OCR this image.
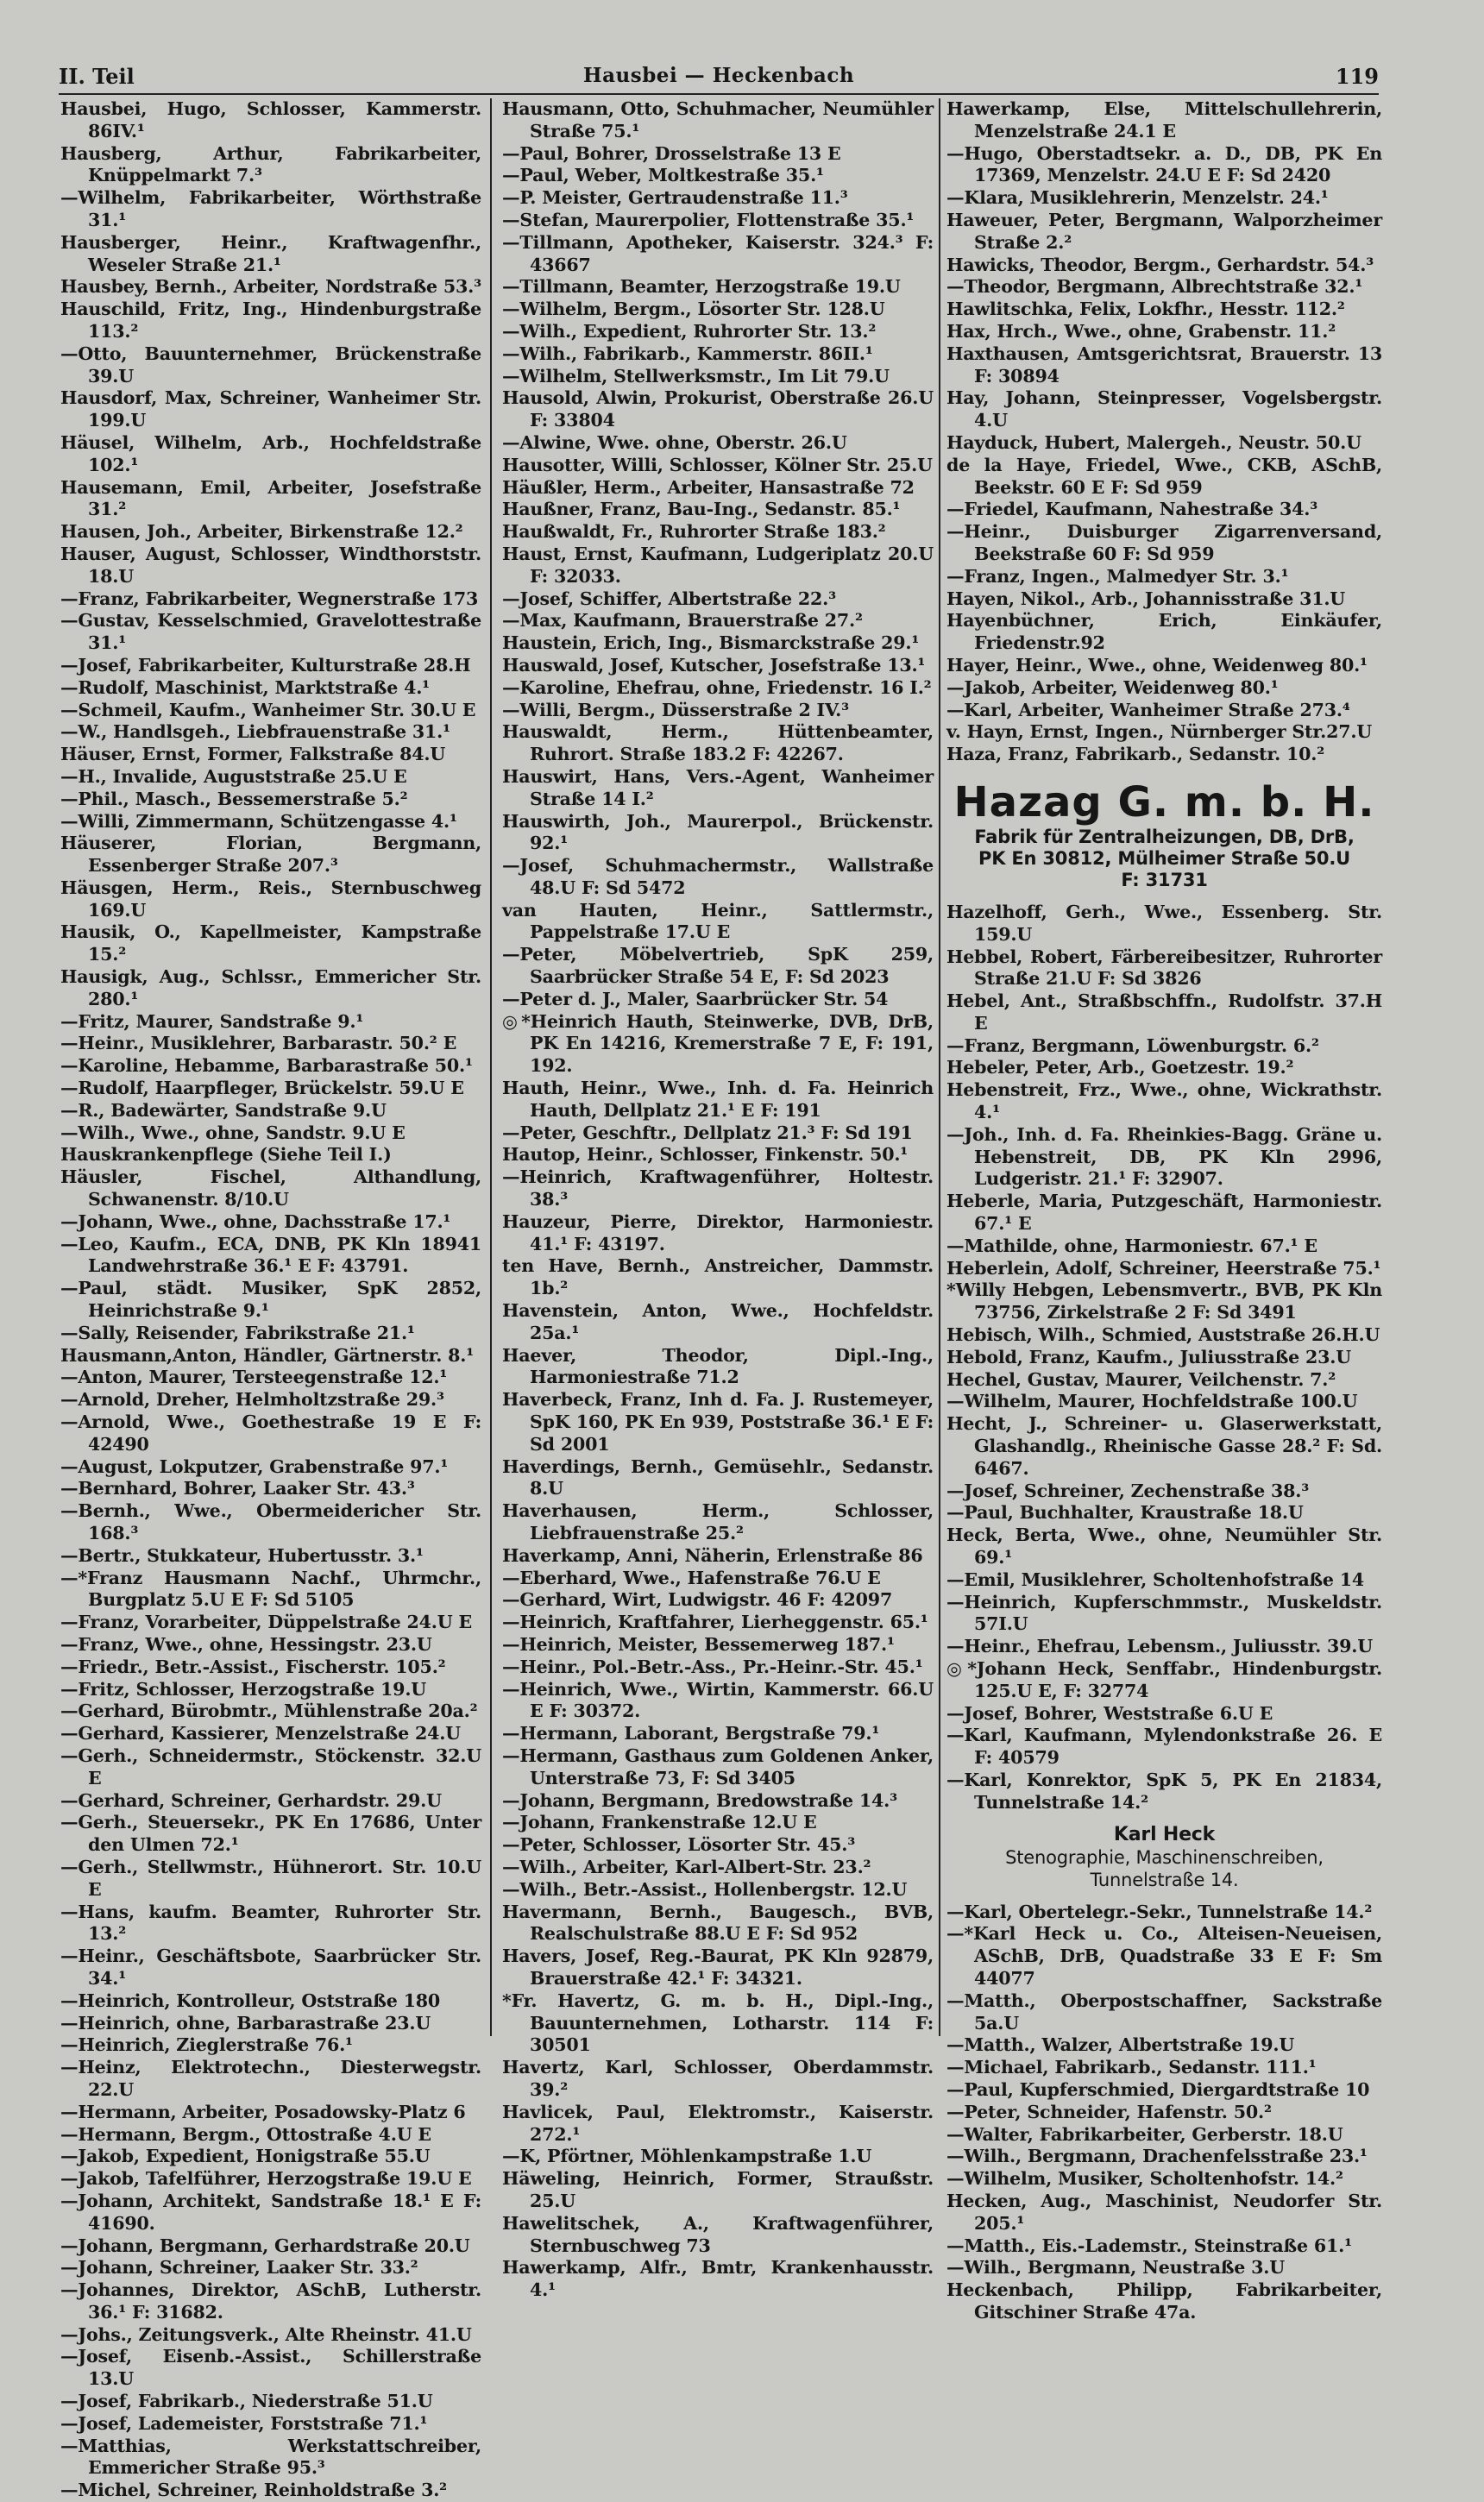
II. Teil	Hausbei — Heckenbach	119

Hausbei, Hugo, Schlosser, Kammerstr. 86IV.¹

Hausberg, Arthur, Fabrikarbeiter, Knüppelmarkt 7.³

—Wilhelm, Fabrikarbeiter, Wörthstraße 31.¹

Hausberger, Heinr., Kraftwagenfhr., Weseler Straße 21.¹

Hausbey, Bernh., Arbeiter, Nordstraße 53.³

Hauschild, Fritz, Ing., Hindenburgstraße 113.²

—Otto, Bauunternehmer, Brückenstraße 39.U

Hausdorf, Max, Schreiner, Wanheimer Str. 199.U

Häusel, Wilhelm, Arb., Hochfeldstraße 102.¹

Hausemann, Emil, Arbeiter, Josefstraße 31.²

Hausen, Joh., Arbeiter, Birkenstraße 12.²

Hauser, August, Schlosser, Windthorststr. 18.U

—Franz, Fabrikarbeiter, Wegnerstraße 173

—Gustav, Kesselschmied, Gravelottestraße 31.¹

—Josef, Fabrikarbeiter, Kulturstraße 28.H

—Rudolf, Maschinist, Marktstraße 4.¹

—Schmeil, Kaufm., Wanheimer Str. 30.U E

—W., Handlsgeh., Liebfrauenstraße 31.¹

Häuser, Ernst, Former, Falkstraße 84.U

—H., Invalide, Auguststraße 25.U E

—Phil., Masch., Bessemerstraße 5.²

—Willi, Zimmermann, Schützengasse 4.¹

Häuserer, Florian, Bergmann, Essenberger Straße 207.³

Häusgen, Herm., Reis., Sternbuschweg 169.U

Hausik, O., Kapellmeister, Kampstraße 15.²

Hausigk, Aug., Schlssr., Emmericher Str. 280.¹

—Fritz, Maurer, Sandstraße 9.¹

—Heinr., Musiklehrer, Barbarastr. 50.² E

—Karoline, Hebamme, Barbarastraße 50.¹

—Rudolf, Haarpfleger, Brückelstr. 59.U E

—R., Badewärter, Sandstraße 9.U

—Wilh., Wwe., ohne, Sandstr. 9.U E

Hauskrankenpflege (Siehe Teil I.)

Häusler, Fischel, Althandlung, Schwanenstr. 8/10.U

—Johann, Wwe., ohne, Dachsstraße 17.¹

—Leo, Kaufm., ECA, DNB, PK Kln 18941 Landwehrstraße 36.¹ E F: 43791.

—Paul, städt. Musiker, SpK 2852, Heinrichstraße 9.¹

—Sally, Reisender, Fabrikstraße 21.¹

Hausmann,Anton, Händler, Gärtnerstr. 8.¹

—Anton, Maurer, Tersteegenstraße 12.¹

—Arnold, Dreher, Helmholtzstraße 29.³

—Arnold, Wwe., Goethestraße 19 E F: 42490

—August, Lokputzer, Grabenstraße 97.¹

—Bernhard, Bohrer, Laaker Str. 43.³

—Bernh., Wwe., Obermeidericher Str. 168.³

—Bertr., Stukkateur, Hubertusstr. 3.¹

—*Franz Hausmann Nachf., Uhrmchr., Burgplatz 5.U E F: Sd 5105

—Franz, Vorarbeiter, Düppelstraße 24.U E

—Franz, Wwe., ohne, Hessingstr. 23.U

—Friedr., Betr.-Assist., Fischerstr. 105.²

—Fritz, Schlosser, Herzogstraße 19.U

—Gerhard, Bürobmtr., Mühlenstraße 20a.²

—Gerhard, Kassierer, Menzelstraße 24.U

—Gerh., Schneidermstr., Stöckenstr. 32.U E

—Gerhard, Schreiner, Gerhardstr. 29.U

—Gerh., Steuersekr., PK En 17686, Unter den Ulmen 72.¹

—Gerh., Stellwmstr., Hühnerort. Str. 10.U E

—Hans, kaufm. Beamter, Ruhrorter Str. 13.²

—Heinr., Geschäftsbote, Saarbrücker Str. 34.¹

—Heinrich, Kontrolleur, Oststraße 180

—Heinrich, ohne, Barbarastraße 23.U

—Heinrich, Zieglerstraße 76.¹

—Heinz, Elektrotechn., Diesterwegstr. 22.U

—Hermann, Arbeiter, Posadowsky-Platz 6

—Hermann, Bergm., Ottostraße 4.U E

—Jakob, Expedient, Honigstraße 55.U

—Jakob, Tafelführer, Herzogstraße 19.U E

—Johann, Architekt, Sandstraße 18.¹ E F: 41690.

—Johann, Bergmann, Gerhardstraße 20.U

—Johann, Schreiner, Laaker Str. 33.²

—Johannes, Direktor, ASchB, Lutherstr. 36.¹ F: 31682.

—Johs., Zeitungsverk., Alte Rheinstr. 41.U

—Josef, Eisenb.-Assist., Schillerstraße 13.U

—Josef, Fabrikarb., Niederstraße 51.U

—Josef, Lademeister, Forststraße 71.¹

—Matthias, Werkstattschreiber, Emmericher Straße 95.³

—Michel, Schreiner, Reinholdstraße 3.²

Hausmann, Otto, Schuhmacher, Neumühler Straße 75.¹

—Paul, Bohrer, Drosselstraße 13 E

—Paul, Weber, Moltkestraße 35.¹

—P. Meister, Gertraudenstraße 11.³

—Stefan, Maurerpolier, Flottenstraße 35.¹

—Tillmann, Apotheker, Kaiserstr. 324.³ F: 43667

—Tillmann, Beamter, Herzogstraße 19.U

—Wilhelm, Bergm., Lösorter Str. 128.U

—Wilh., Expedient, Ruhrorter Str. 13.²

—Wilh., Fabrikarb., Kammerstr. 86II.¹

—Wilhelm, Stellwerksmstr., Im Lit 79.U

Hausold, Alwin, Prokurist, Oberstraße 26.U F: 33804

—Alwine, Wwe. ohne, Oberstr. 26.U

Hausotter, Willi, Schlosser, Kölner Str. 25.U

Häußler, Herm., Arbeiter, Hansastraße 72

Haußner, Franz, Bau-Ing., Sedanstr. 85.¹

Haußwaldt, Fr., Ruhrorter Straße 183.²

Haust, Ernst, Kaufmann, Ludgeriplatz 20.U F: 32033.

—Josef, Schiffer, Albertstraße 22.³

—Max, Kaufmann, Brauerstraße 27.²

Haustein, Erich, Ing., Bismarckstraße 29.¹

Hauswald, Josef, Kutscher, Josefstraße 13.¹

—Karoline, Ehefrau, ohne, Friedenstr. 16 I.²

—Willi, Bergm., Düsserstraße 2 IV.³

Hauswaldt, Herm., Hüttenbeamter, Ruhrort. Straße 183.2 F: 42267.

Hauswirt, Hans, Vers.-Agent, Wanheimer Straße 14 I.²

Hauswirth, Joh., Maurerpol., Brückenstr. 92.¹

—Josef, Schuhmachermstr., Wallstraße 48.U F: Sd 5472

van Hauten, Heinr., Sattlermstr., Pappelstraße 17.U E

—Peter, Möbelvertrieb, SpK 259, Saarbrücker Straße 54 E, F: Sd 2023

—Peter d. J., Maler, Saarbrücker Str. 54

◎*Heinrich Hauth, Steinwerke, DVB, DrB, PK En 14216, Kremerstraße 7 E, F: 191, 192.

Hauth, Heinr., Wwe., Inh. d. Fa. Heinrich Hauth, Dellplatz 21.¹ E F: 191

—Peter, Geschftr., Dellplatz 21.³ F: Sd 191

Hautop, Heinr., Schlosser, Finkenstr. 50.¹

—Heinrich, Kraftwagenführer, Holtestr. 38.³

Hauzeur, Pierre, Direktor, Harmoniestr. 41.¹ F: 43197.

ten Have, Bernh., Anstreicher, Dammstr. 1b.²

Havenstein, Anton, Wwe., Hochfeldstr. 25a.¹

Haever, Theodor, Dipl.-Ing., Harmoniestraße 71.2

Haverbeck, Franz, Inh d. Fa. J. Rustemeyer, SpK 160, PK En 939, Poststraße 36.¹ E F: Sd 2001

Haverdings, Bernh., Gemüsehlr., Sedanstr. 8.U

Haverhausen, Herm., Schlosser, Liebfrauenstraße 25.²

Haverkamp, Anni, Näherin, Erlenstraße 86

—Eberhard, Wwe., Hafenstraße 76.U E

—Gerhard, Wirt, Ludwigstr. 46 F: 42097

—Heinrich, Kraftfahrer, Lierheggenstr. 65.¹

—Heinrich, Meister, Bessemerweg 187.¹

—Heinr., Pol.-Betr.-Ass., Pr.-Heinr.-Str. 45.¹

—Heinrich, Wwe., Wirtin, Kammerstr. 66.U E F: 30372.

—Hermann, Laborant, Bergstraße 79.¹

—Hermann, Gasthaus zum Goldenen Anker, Unterstraße 73, F: Sd 3405

—Johann, Bergmann, Bredowstraße 14.³

—Johann, Frankenstraße 12.U E

—Peter, Schlosser, Lösorter Str. 45.³

—Wilh., Arbeiter, Karl-Albert-Str. 23.²

—Wilh., Betr.-Assist., Hollenbergstr. 12.U

Havermann, Bernh., Baugesch., BVB, Realschulstraße 88.U E F: Sd 952

Havers, Josef, Reg.-Baurat, PK Kln 92879, Brauerstraße 42.¹ F: 34321.

*Fr. Havertz, G. m. b. H., Dipl.-Ing., Bauunternehmen, Lotharstr. 114 F: 30501

Havertz, Karl, Schlosser, Oberdammstr. 39.²

Havlicek, Paul, Elektromstr., Kaiserstr. 272.¹

—K, Pförtner, Möhlenkampstraße 1.U

Häweling, Heinrich, Former, Straußstr. 25.U

Hawelitschek, A., Kraftwagenführer, Sternbuschweg 73

Hawerkamp, Alfr., Bmtr, Krankenhausstr. 4.¹

Hawerkamp, Else, Mittelschullehrerin, Menzelstraße 24.1 E

—Hugo, Oberstadtsekr. a. D., DB, PK En 17369, Menzelstr. 24.U E F: Sd 2420

—Klara, Musiklehrerin, Menzelstr. 24.¹

Haweuer, Peter, Bergmann, Walporzheimer Straße 2.²

Hawicks, Theodor, Bergm., Gerhardstr. 54.³

—Theodor, Bergmann, Albrechtstraße 32.¹

Hawlitschka, Felix, Lokfhr., Hesstr. 112.²

Hax, Hrch., Wwe., ohne, Grabenstr. 11.²

Haxthausen, Amtsgerichtsrat, Brauerstr. 13 F: 30894

Hay, Johann, Steinpresser, Vogelsbergstr. 4.U

Hayduck, Hubert, Malergeh., Neustr. 50.U

de la Haye, Friedel, Wwe., CKB, ASchB, Beekstr. 60 E F: Sd 959

—Friedel, Kaufmann, Nahestraße 34.³

—Heinr., Duisburger Zigarrenversand, Beekstraße 60 F: Sd 959

—Franz, Ingen., Malmedyer Str. 3.¹

Hayen, Nikol., Arb., Johannisstraße 31.U

Hayenbüchner, Erich, Einkäufer, Friedenstr.92

Hayer, Heinr., Wwe., ohne, Weidenweg 80.¹

—Jakob, Arbeiter, Weidenweg 80.¹

—Karl, Arbeiter, Wanheimer Straße 273.⁴

v. Hayn, Ernst, Ingen., Nürnberger Str.27.U

Haza, Franz, Fabrikarb., Sedanstr. 10.²

Hazag G. m. b. H.
Fabrik für Zentralheizungen, DB, DrB,
PK En 30812, Mülheimer Straße 50.U
F: 31731

Hazelhoff, Gerh., Wwe., Essenberg. Str. 159.U

Hebbel, Robert, Färbereibesitzer, Ruhrorter Straße 21.U F: Sd 3826

Hebel, Ant., Straßbschffn., Rudolfstr. 37.H E

—Franz, Bergmann, Löwenburgstr. 6.²

Hebeler, Peter, Arb., Goetzestr. 19.²

Hebenstreit, Frz., Wwe., ohne, Wickrathstr. 4.¹

—Joh., Inh. d. Fa. Rheinkies-Bagg. Gräne u. Hebenstreit, DB, PK Kln 2996, Ludgeristr. 21.¹ F: 32907.

Heberle, Maria, Putzgeschäft, Harmoniestr. 67.¹ E

—Mathilde, ohne, Harmoniestr. 67.¹ E

Heberlein, Adolf, Schreiner, Heerstraße 75.¹

*Willy Hebgen, Lebensmvertr., BVB, PK Kln 73756, Zirkelstraße 2 F: Sd 3491

Hebisch, Wilh., Schmied, Auststraße 26.H.U

Hebold, Franz, Kaufm., Juliusstraße 23.U

Hechel, Gustav, Maurer, Veilchenstr. 7.²

—Wilhelm, Maurer, Hochfeldstraße 100.U

Hecht, J., Schreiner- u. Glaserwerkstatt, Glashandlg., Rheinische Gasse 28.² F: Sd. 6467.

—Josef, Schreiner, Zechenstraße 38.³

—Paul, Buchhalter, Kraustraße 18.U

Heck, Berta, Wwe., ohne, Neumühler Str. 69.¹

—Emil, Musiklehrer, Scholtenhofstraße 14

—Heinrich, Kupferschmmstr., Muskeldstr. 57I.U

—Heinr., Ehefrau, Lebensm., Juliusstr. 39.U

◎*Johann Heck, Senffabr., Hindenburgstr. 125.U E, F: 32774

—Josef, Bohrer, Weststraße 6.U E

—Karl, Kaufmann, Mylendonkstraße 26. E F: 40579

—Karl, Konrektor, SpK 5, PK En 21834, Tunnelstraße 14.²

Karl Heck
Stenographie, Maschinenschreiben,
Tunnelstraße 14.

—Karl, Obertelegr.-Sekr., Tunnelstraße 14.²

—*Karl Heck u. Co., Alteisen-Neueisen, ASchB, DrB, Quadstraße 33 E F: Sm 44077

—Matth., Oberpostschaffner, Sackstraße 5a.U

—Matth., Walzer, Albertstraße 19.U

—Michael, Fabrikarb., Sedanstr. 111.¹

—Paul, Kupferschmied, Diergardtstraße 10

—Peter, Schneider, Hafenstr. 50.²

—Walter, Fabrikarbeiter, Gerberstr. 18.U

—Wilh., Bergmann, Drachenfelsstraße 23.¹

—Wilhelm, Musiker, Scholtenhofstr. 14.²

Hecken, Aug., Maschinist, Neudorfer Str. 205.¹

—Matth., Eis.-Lademstr., Steinstraße 61.¹

—Wilh., Bergmann, Neustraße 3.U

Heckenbach, Philipp, Fabrikarbeiter, Gitschiner Straße 47a.
